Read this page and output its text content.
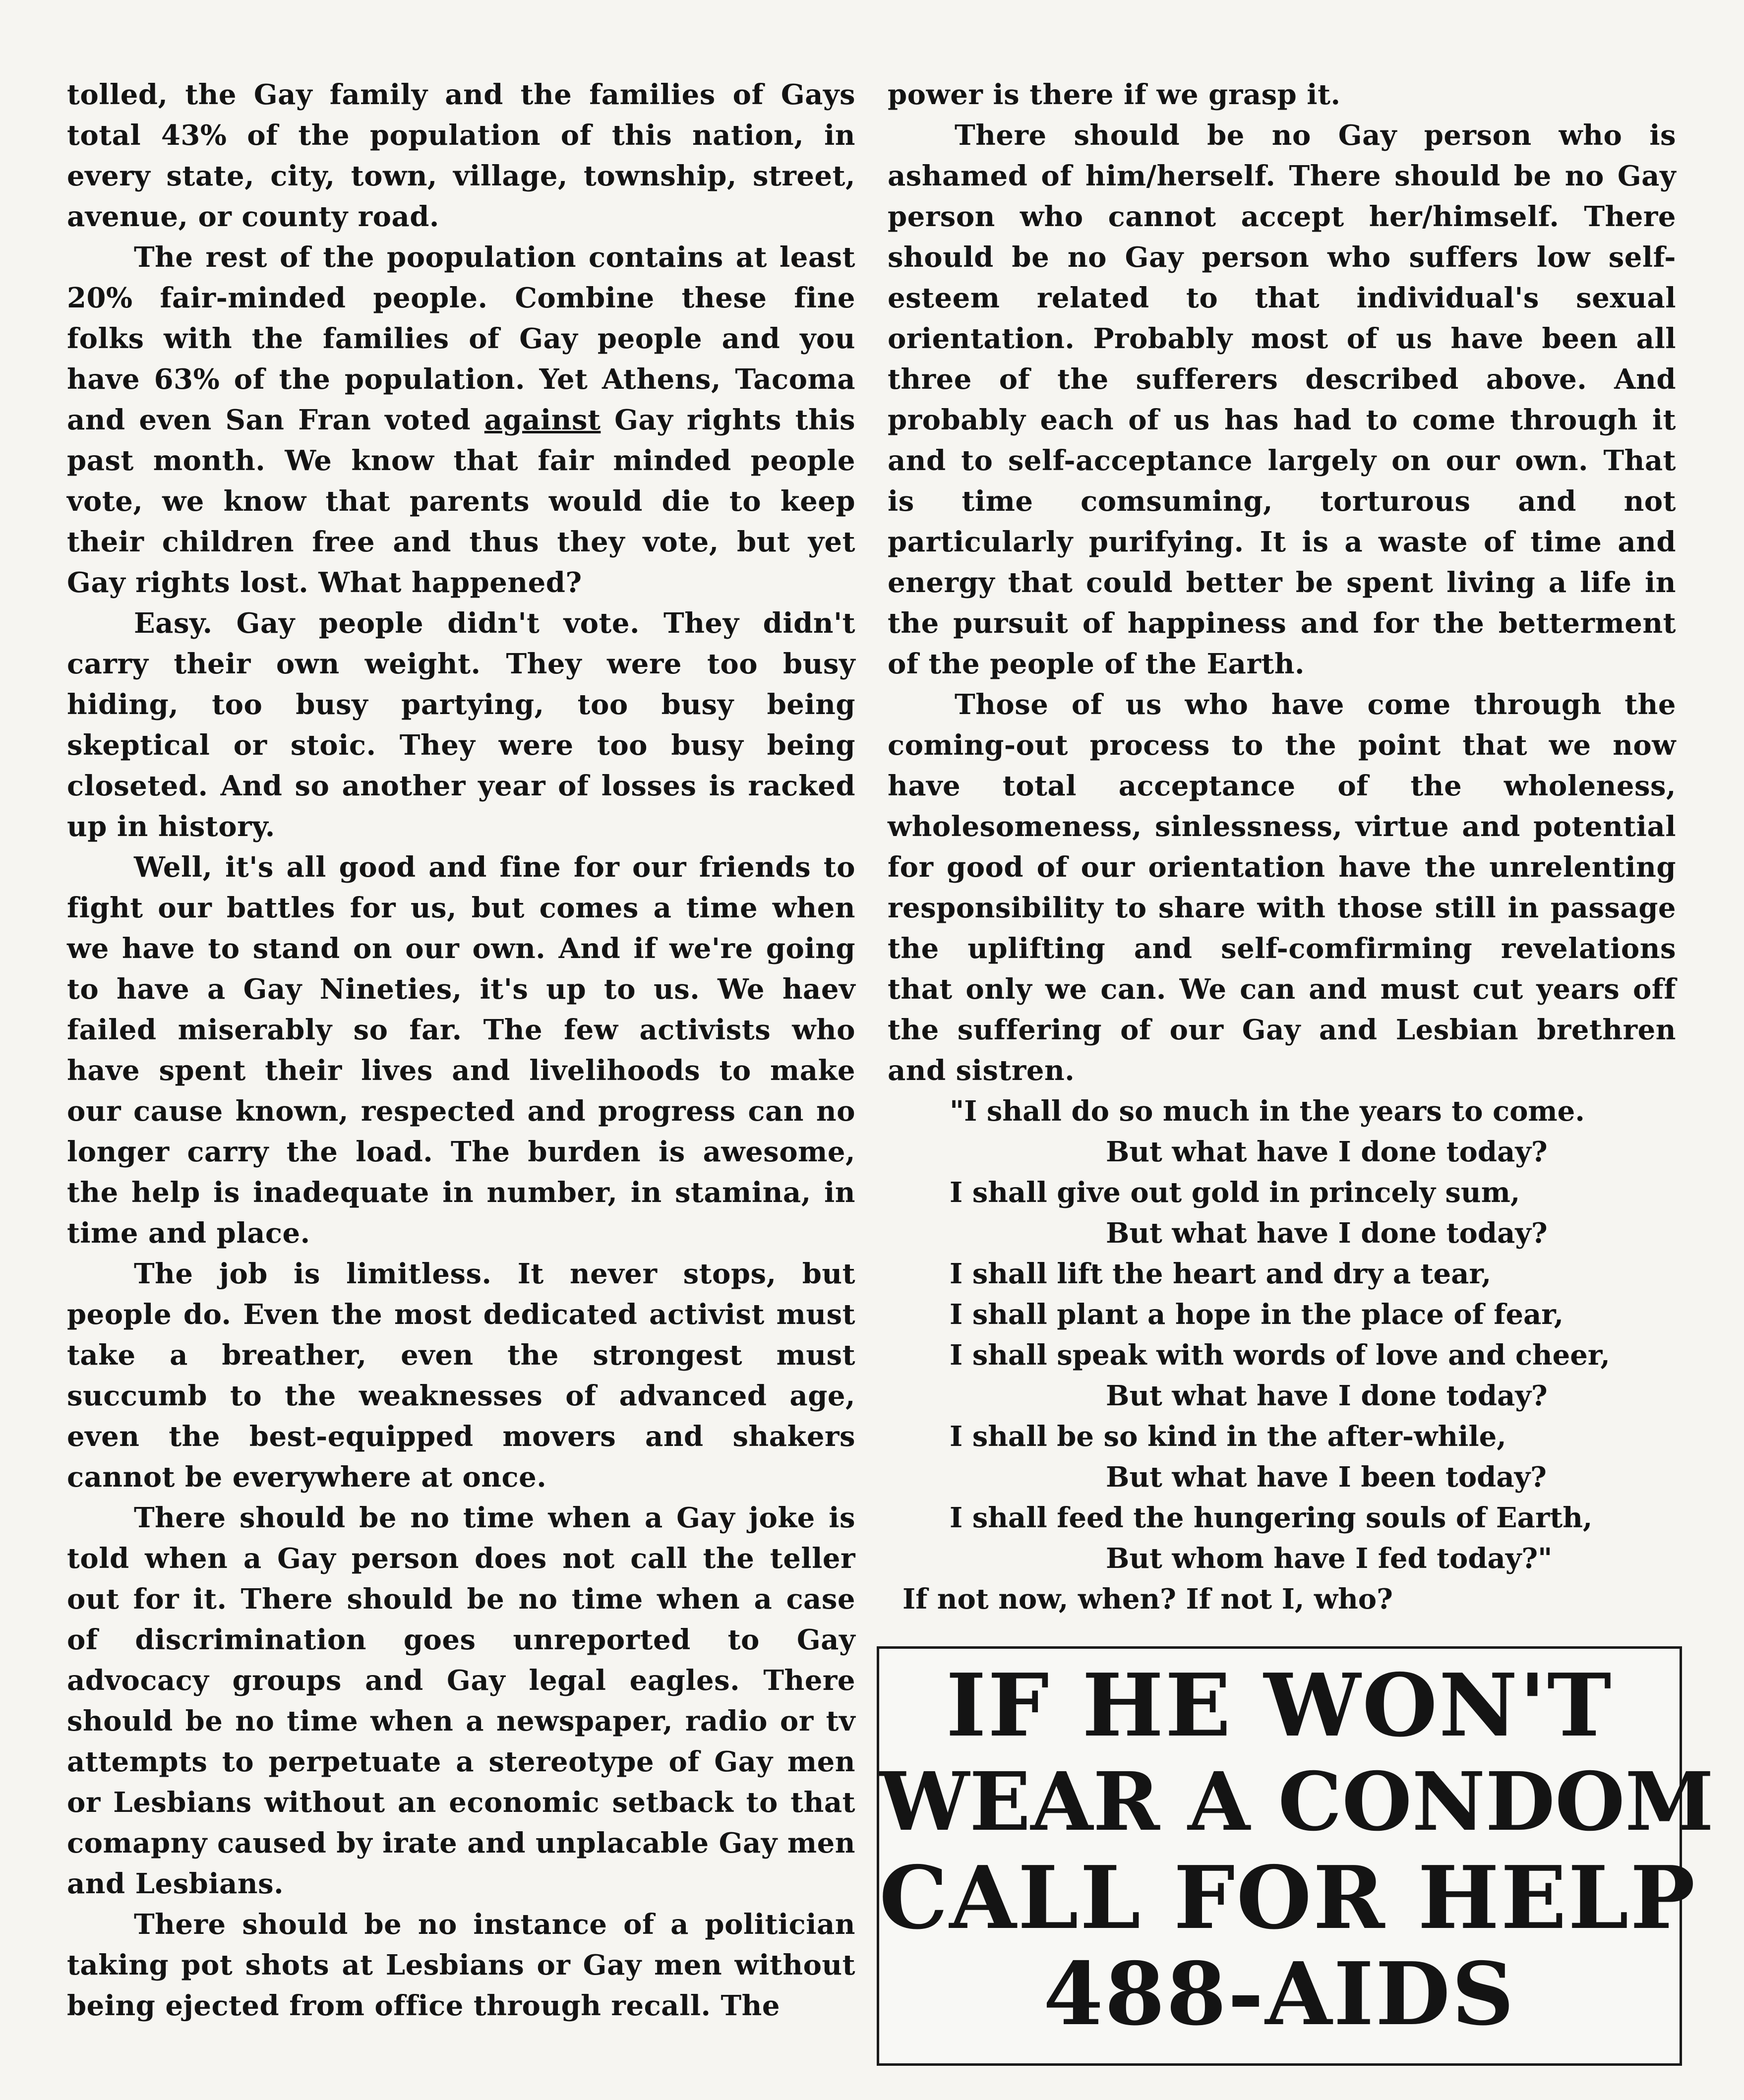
tolled, the Gay family and the families of Gays total 43% of the population of this nation, in every state, city, town, village, township, street, avenue, or county road.

The rest of the poopulation contains at least 20% fair-minded people. Combine these fine folks with the families of Gay people and you have 63% of the population. Yet Athens, Tacoma and even San Fran voted against Gay rights this past month. We know that fair minded people vote, we know that parents would die to keep their children free and thus they vote, but yet Gay rights lost. What happened?

Easy. Gay people didn't vote. They didn't carry their own weight. They were too busy hiding, too busy partying, too busy being skeptical or stoic. They were too busy being closeted. And so another year of losses is racked up in history.

Well, it's all good and fine for our friends to fight our battles for us, but comes a time when we have to stand on our own. And if we're going to have a Gay Nineties, it's up to us. We haev failed miserably so far. The few activists who have spent their lives and livelihoods to make our cause known, respected and progress can no longer carry the load. The burden is awesome, the help is inadequate in number, in stamina, in time and place.

The job is limitless. It never stops, but people do. Even the most dedicated activist must take a breather, even the strongest must succumb to the weaknesses of advanced age, even the best-equipped movers and shakers cannot be everywhere at once.

There should be no time when a Gay joke is told when a Gay person does not call the teller out for it. There should be no time when a case of discrimination goes unreported to Gay advocacy groups and Gay legal eagles. There should be no time when a newspaper, radio or tv attempts to perpetuate a stereotype of Gay men or Lesbians without an economic setback to that comapny caused by irate and unplacable Gay men and Lesbians.

There should be no instance of a politician taking pot shots at Lesbians or Gay men without being ejected from office through recall. The

power is there if we grasp it.

There should be no Gay person who is ashamed of him/herself. There should be no Gay person who cannot accept her/himself. There should be no Gay person who suffers low self-esteem related to that individual's sexual orientation. Probably most of us have been all three of the sufferers described above. And probably each of us has had to come through it and to self-acceptance largely on our own. That is time comsuming, torturous and not particularly purifying. It is a waste of time and energy that could better be spent living a life in the pursuit of happiness and for the betterment of the people of the Earth.

Those of us who have come through the coming-out process to the point that we now have total acceptance of the wholeness, wholesomeness, sinlessness, virtue and potential for good of our orientation have the unrelenting responsibility to share with those still in passage the uplifting and self-comfirming revelations that only we can. We can and must cut years off the suffering of our Gay and Lesbian brethren and sistren.

"I shall do so much in the years to come.

But what have I done today?

I shall give out gold in princely sum,

But what have I done today?

I shall lift the heart and dry a tear,

I shall plant a hope in the place of fear,

I shall speak with words of love and cheer,

But what have I done today?

I shall be so kind in the after-while,

But what have I been today?

I shall feed the hungering souls of Earth,

But whom have I fed today?"

If not now, when? If not I, who?

IF HE WON'T

WEAR A CONDOM

CALL FOR HELP

488-AIDS
